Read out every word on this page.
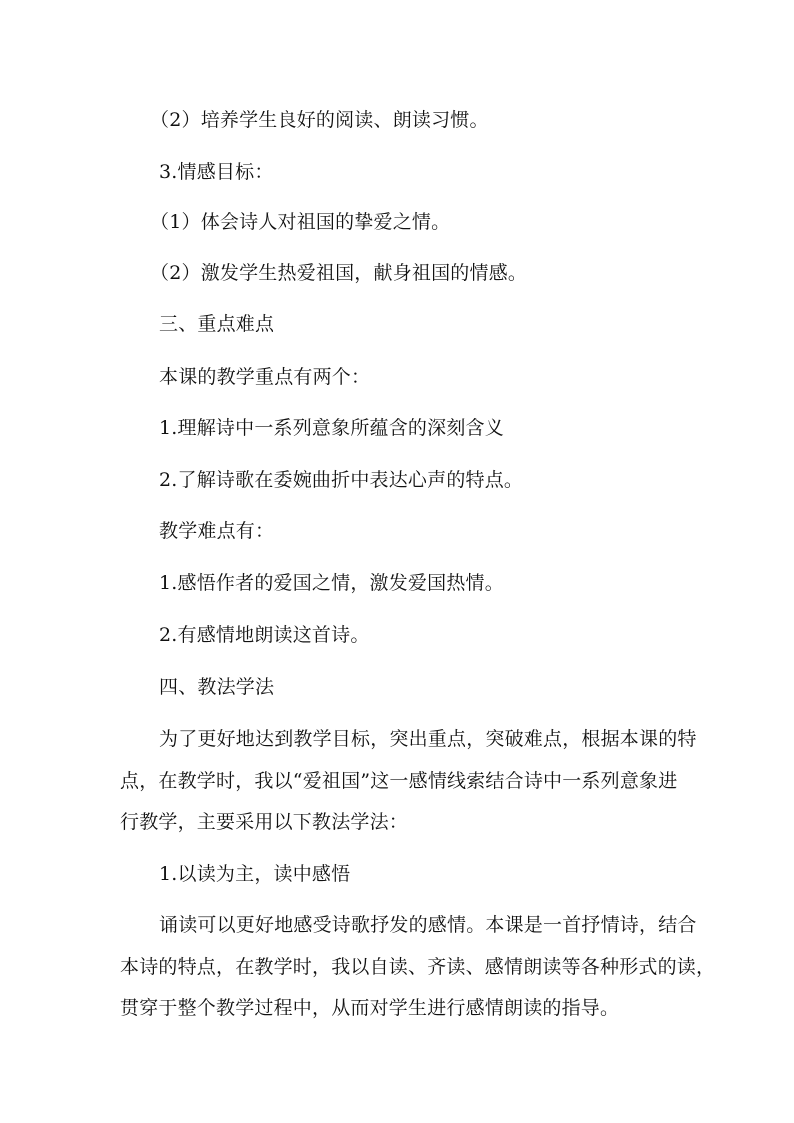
（2）培养学生良好的阅读、朗读习惯。
3.情感目标：
（1）体会诗人对祖国的挚爱之情。
（2）激发学生热爱祖国，献身祖国的情感。
三、重点难点
本课的教学重点有两个：
1.理解诗中一系列意象所蕴含的深刻含义
2.了解诗歌在委婉曲折中表达心声的特点。
教学难点有：
1.感悟作者的爱国之情，激发爱国热情。
2.有感情地朗读这首诗。
四、教法学法
为了更好地达到教学目标，突出重点，突破难点，根据本课的特
点，在教学时，我以“爱祖国”这一感情线索结合诗中一系列意象进
行教学，主要采用以下教法学法：
1.以读为主，读中感悟
诵读可以更好地感受诗歌抒发的感情。本课是一首抒情诗，结合
本诗的特点，在教学时，我以自读、齐读、感情朗读等各种形式的读，
贯穿于整个教学过程中，从而对学生进行感情朗读的指导。
